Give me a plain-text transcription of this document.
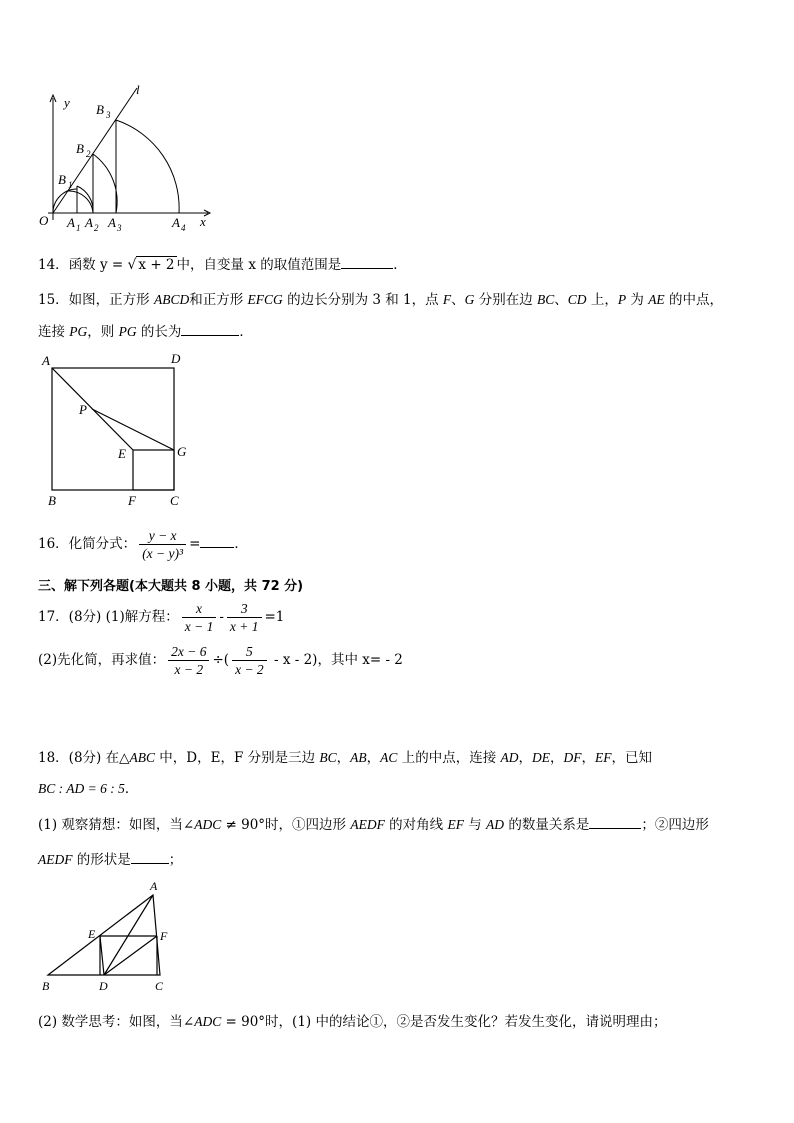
y
l
B 3
B 2
B 1
O A 1 A 2 A 3	A 4 x
14．函数 y = √ x + 2 中，自变量 x 的取值范围是	．
15．如图，正方形 ABCD和正方形 EFCG 的边长分别为 3 和 1，点 F、G 分别在边 BC、CD 上，P 为 AE 的中点，
连接 PG，则 PG 的长为	．
A	D
P
E	G
B	F	C
16．化简分式： $\frac{y - x}{\text{(x − y)³}}$ =	．
三、解下列各题(本大题共 8 小题，共 72 分)
17．(8分) (1)解方程： $\frac{x}{x - 1} - \frac{3}{x + 1} =1$
(2)先化简，再求值： $\frac{2x - 6}{x - 2}$ ÷( $\frac{5}{x - 2}$ - x - 2)，其中 x= - 2
18．(8分) 在△ABC 中，D，E，F 分别是三边 BC，AB，AC 上的中点，连接 AD，DE，DF，EF，已知
BC : AD = 6 : 5．
(1) 观察猜想：如图，当∠ADC ≠ 90°时，①四边形 AEDF 的对角线 EF 与 AD 的数量关系是	；②四边形
AEDF 的形状是	；
A
E	F
B	D	C
(2) 数学思考：如图，当∠ADC = 90°时，(1) 中的结论①，②是否发生变化？若发生变化，请说明理由；
